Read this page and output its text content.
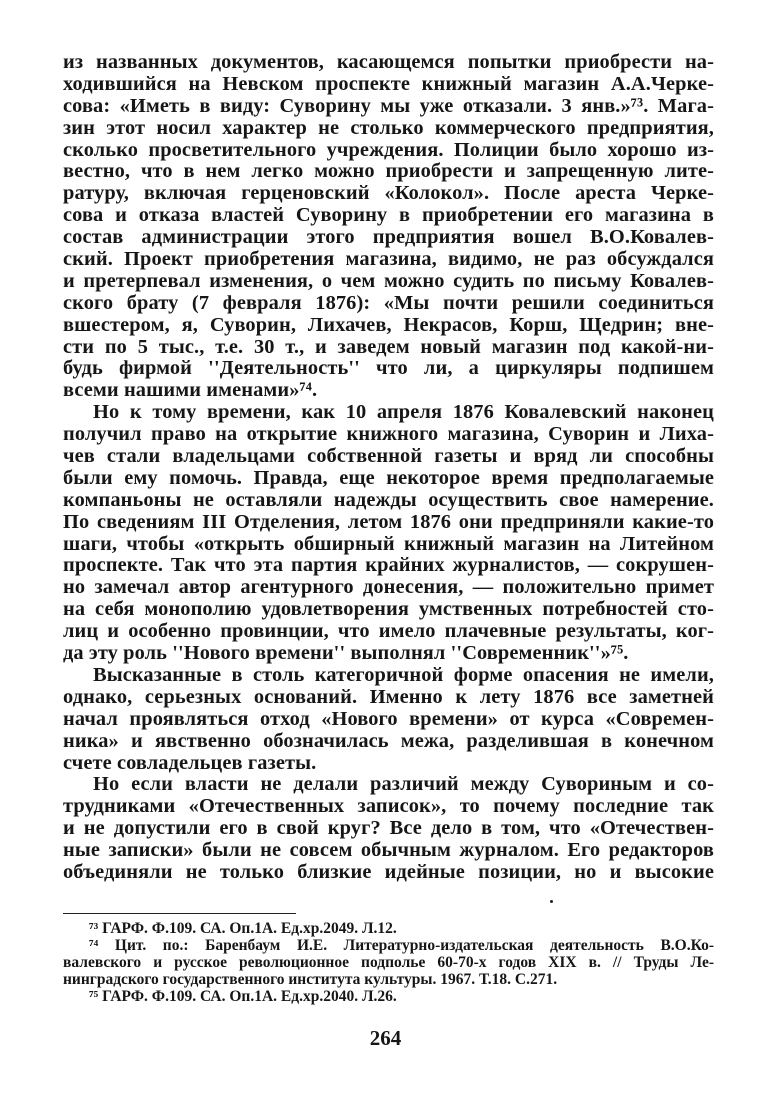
из названных документов, касающемся попытки приобрести на-
ходившийся на Невском проспекте книжный магазин А.А.Черке-
сова: «Иметь в виду: Суворину мы уже отказали. 3 янв.»⁷³. Мага-
зин этот носил характер не столько коммерческого предприятия,
сколько просветительного учреждения. Полиции было хорошо из-
вестно, что в нем легко можно приобрести и запрещенную лите-
ратуру, включая герценовский «Колокол». После ареста Черке-
сова и отказа властей Суворину в приобретении его магазина в
состав администрации этого предприятия вошел В.О.Ковалев-
ский. Проект приобретения магазина, видимо, не раз обсуждался
и претерпевал изменения, о чем можно судить по письму Ковалев-
ского брату (7 февраля 1876): «Мы почти решили соединиться
вшестером, я, Суворин, Лихачев, Некрасов, Корш, Щедрин; вне-
сти по 5 тыс., т.е. 30 т., и заведем новый магазин под какой-ни-
будь фирмой ''Деятельность'' что ли, а циркуляры подпишем
всеми нашими именами»⁷⁴.
Но к тому времени, как 10 апреля 1876 Ковалевский наконец
получил право на открытие книжного магазина, Суворин и Лиха-
чев стали владельцами собственной газеты и вряд ли способны
были ему помочь. Правда, еще некоторое время предполагаемые
компаньоны не оставляли надежды осуществить свое намерение.
По сведениям III Отделения, летом 1876 они предприняли какие-то
шаги, чтобы «открыть обширный книжный магазин на Литейном
проспекте. Так что эта партия крайних журналистов, — сокрушен-
но замечал автор агентурного донесения, — положительно примет
на себя монополию удовлетворения умственных потребностей сто-
лиц и особенно провинции, что имело плачевные результаты, ког-
да эту роль ''Нового времени'' выполнял ''Современник''»⁷⁵.
Высказанные в столь категоричной форме опасения не имели,
однако, серьезных оснований. Именно к лету 1876 все заметней
начал проявляться отход «Нового времени» от курса «Современ-
ника» и явственно обозначилась межа, разделившая в конечном
счете совладельцев газеты.
Но если власти не делали различий между Сувориным и со-
трудниками «Отечественных записок», то почему последние так
и не допустили его в свой круг? Все дело в том, что «Отечествен-
ные записки» были не совсем обычным журналом. Его редакторов
объединяли не только близкие идейные позиции, но и высокие
⁷³ ГАРФ. Ф.109. СА. Оп.1А. Ед.хр.2049. Л.12.
⁷⁴ Цит. по.: Баренбаум И.Е. Литературно-издательская деятельность В.О.Ко-
валевского и русское революционное подполье 60-70-х годов XIX в. // Труды Ле-
нинградского государственного института культуры. 1967. Т.18. С.271.
⁷⁵ ГАРФ. Ф.109. СА. Оп.1А. Ед.хр.2040. Л.26.
264
